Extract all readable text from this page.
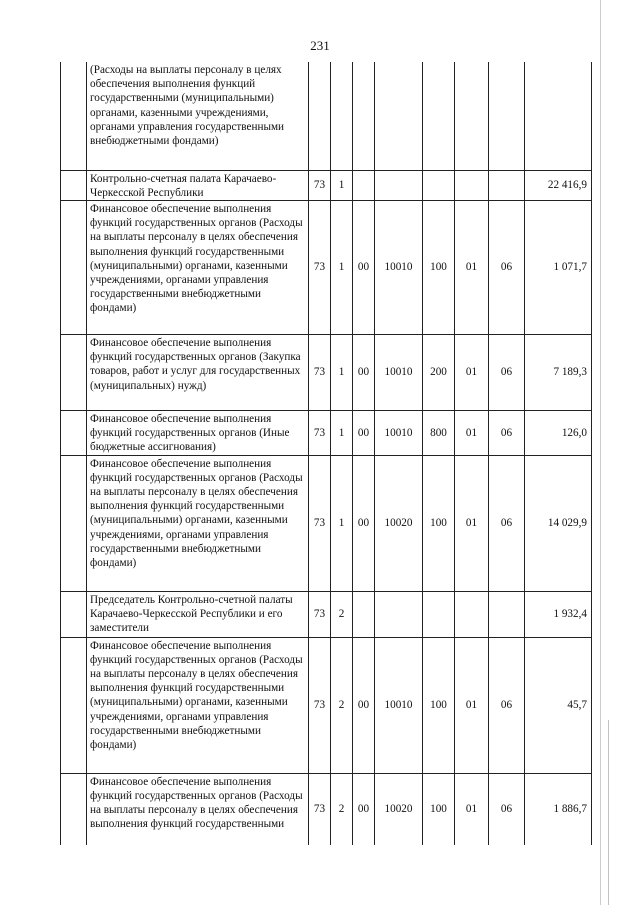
231
	(Расходы на выплаты персоналу в целях обеспечения выполнения функций государственными (муниципальными) органами, казенными учреждениями, органами управления государственными внебюджетными фондами)								
	Контрольно-счетная палата Карачаево-Черкесской Республики	73	1						22 416,9
	Финансовое обеспечение выполнения функций государственных органов (Расходы на выплаты персоналу в целях обеспечения выполнения функций государственными (муниципальными) органами, казенными учреждениями, органами управления государственными внебюджетными фондами)	73	1	00	10010	100	01	06	1 071,7
	Финансовое обеспечение выполнения функций государственных органов (Закупка товаров, работ и услуг для государственных (муниципальных) нужд)	73	1	00	10010	200	01	06	7 189,3
	Финансовое обеспечение выполнения функций государственных органов (Иные бюджетные ассигнования)	73	1	00	10010	800	01	06	126,0
	Финансовое обеспечение выполнения функций государственных органов (Расходы на выплаты персоналу в целях обеспечения выполнения функций государственными (муниципальными) органами, казенными учреждениями, органами управления государственными внебюджетными фондами)	73	1	00	10020	100	01	06	14 029,9
	Председатель Контрольно-счетной палаты Карачаево-Черкесской Республики и его заместители	73	2						1 932,4
	Финансовое обеспечение выполнения функций государственных органов (Расходы на выплаты персоналу в целях обеспечения выполнения функций государственными (муниципальными) органами, казенными учреждениями, органами управления государственными внебюджетными фондами)	73	2	00	10010	100	01	06	45,7
	Финансовое обеспечение выполнения функций государственных органов (Расходы на выплаты персоналу в целях обеспечения выполнения функций государственными	73	2	00	10020	100	01	06	1 886,7
